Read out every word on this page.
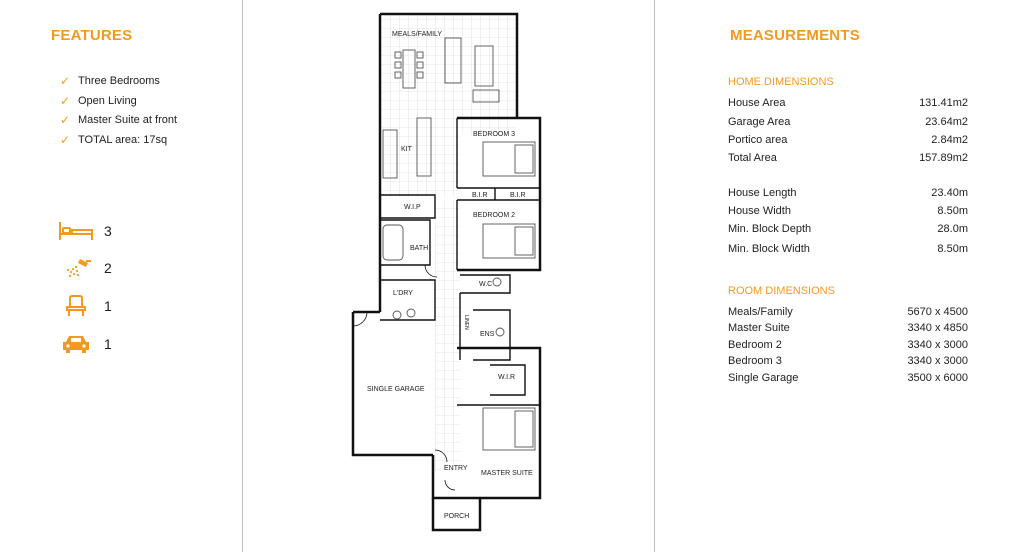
FEATURES
✓ Three Bedrooms
✓ Open Living
✓ Master Suite at front
✓ TOTAL area: 17sq
3
2
1
1
MEALS/FAMILY
KIT
BEDROOM 3
B.I.R	B.I.R
BEDROOM 2
W.I.P
BATH
W.C
L'DRY
LINEN
ENS
W.I.R
SINGLE GARAGE
ENTRY
MASTER SUITE
PORCH
MEASUREMENTS
HOME DIMENSIONS
House Area	131.41m2
Garage Area	23.64m2
Portico area	2.84m2
Total Area	157.89m2
House Length	23.40m
House Width	8.50m
Min. Block Depth	28.0m
Min. Block Width	8.50m
ROOM DIMENSIONS
Meals/Family	5670 x 4500
Master Suite	3340 x 4850
Bedroom 2	3340 x 3000
Bedroom 3	3340 x 3000
Single Garage	3500 x 6000
